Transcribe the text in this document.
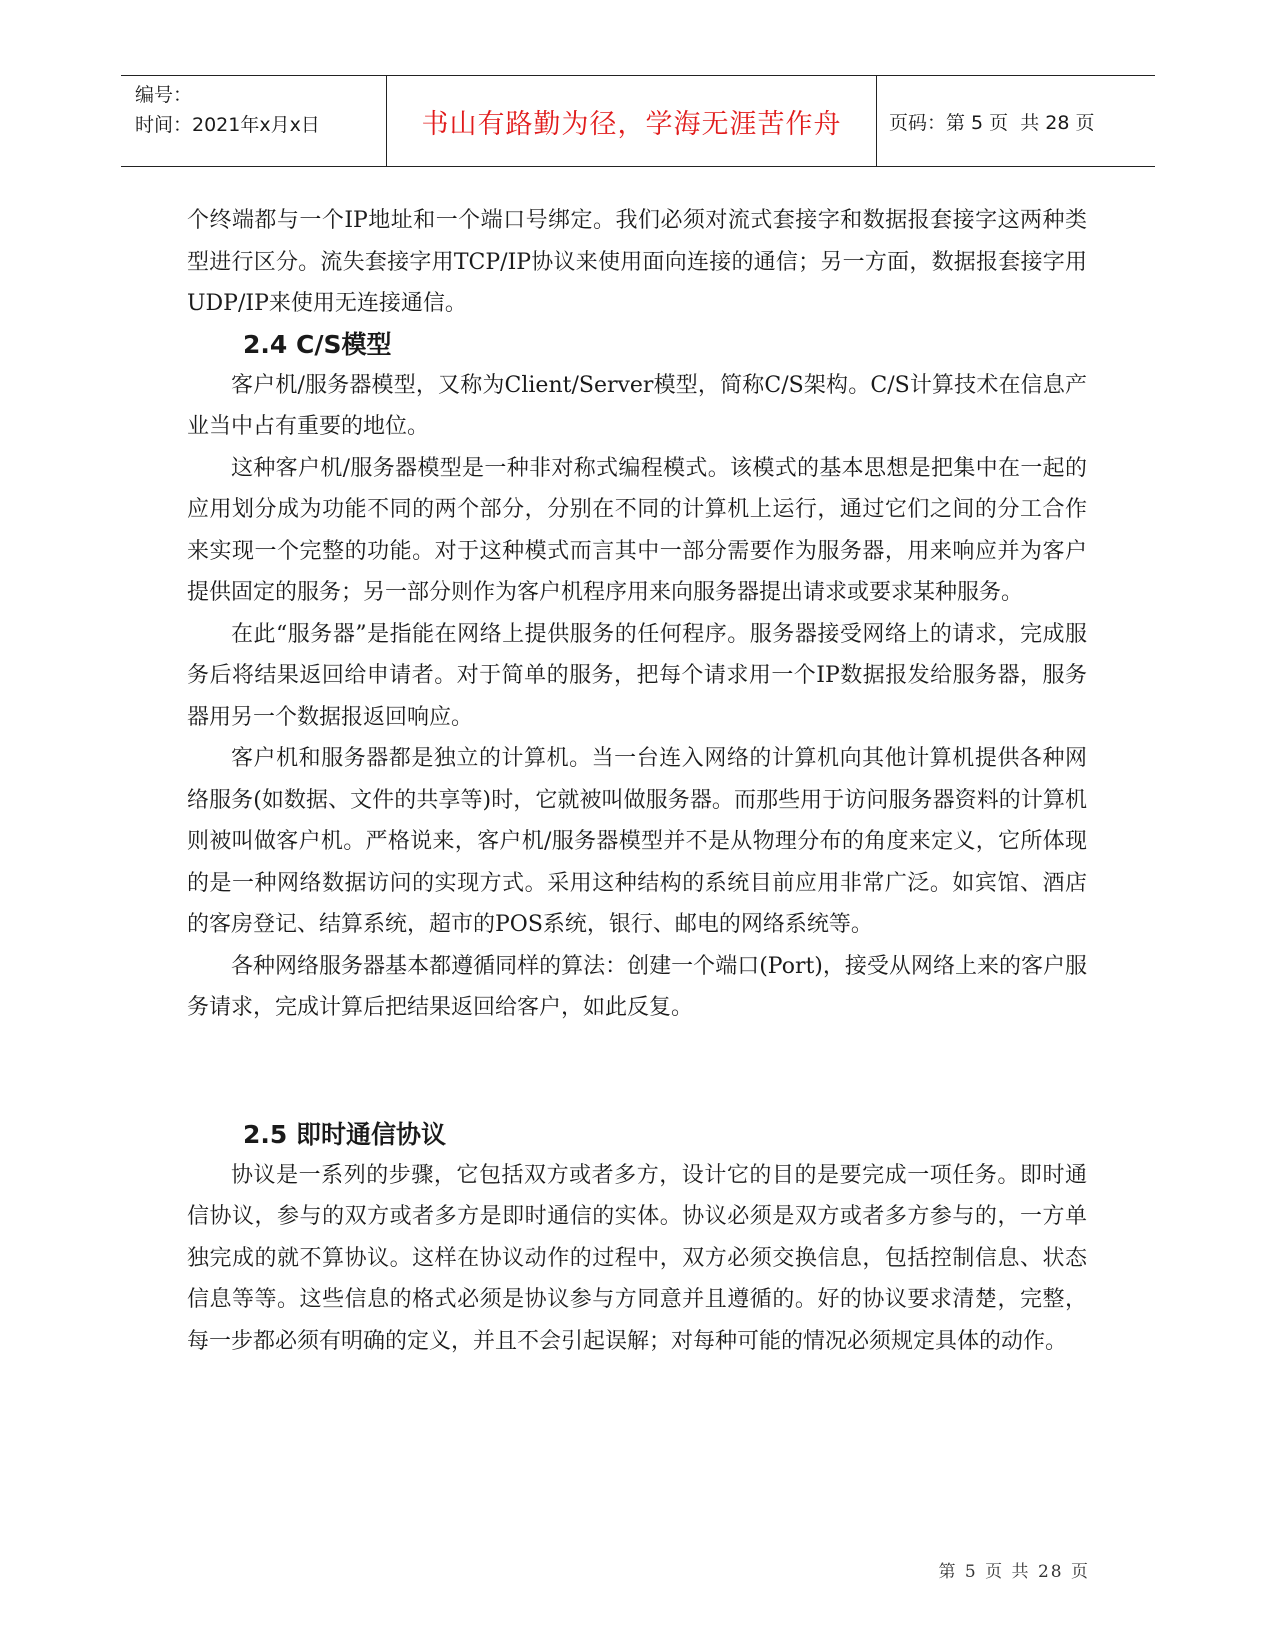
编号：
时间：2021年x月x日	书山有路勤为径，学海无涯苦作舟	页码：第 5 页  共 28 页

个终端都与一个IP地址和一个端口号绑定。我们必须对流式套接字和数据报套接字这两种类型进行区分。流失套接字用TCP/IP协议来使用面向连接的通信；另一方面，数据报套接字用UDP/IP来使用无连接通信。

2.4 C/S模型

客户机/服务器模型，又称为Client/Server模型，简称C/S架构。C/S计算技术在信息产业当中占有重要的地位。

这种客户机/服务器模型是一种非对称式编程模式。该模式的基本思想是把集中在一起的应用划分成为功能不同的两个部分，分别在不同的计算机上运行，通过它们之间的分工合作来实现一个完整的功能。对于这种模式而言其中一部分需要作为服务器，用来响应并为客户提供固定的服务；另一部分则作为客户机程序用来向服务器提出请求或要求某种服务。

在此“服务器”是指能在网络上提供服务的任何程序。服务器接受网络上的请求，完成服务后将结果返回给申请者。对于简单的服务，把每个请求用一个IP数据报发给服务器，服务器用另一个数据报返回响应。

客户机和服务器都是独立的计算机。当一台连入网络的计算机向其他计算机提供各种网络服务(如数据、文件的共享等)时，它就被叫做服务器。而那些用于访问服务器资料的计算机则被叫做客户机。严格说来，客户机/服务器模型并不是从物理分布的角度来定义，它所体现的是一种网络数据访问的实现方式。采用这种结构的系统目前应用非常广泛。如宾馆、酒店的客房登记、结算系统，超市的POS系统，银行、邮电的网络系统等。

各种网络服务器基本都遵循同样的算法：创建一个端口(Port)，接受从网络上来的客户服务请求，完成计算后把结果返回给客户，如此反复。

2.5 即时通信协议

协议是一系列的步骤，它包括双方或者多方，设计它的目的是要完成一项任务。即时通信协议，参与的双方或者多方是即时通信的实体。协议必须是双方或者多方参与的，一方单独完成的就不算协议。这样在协议动作的过程中，双方必须交换信息，包括控制信息、状态信息等等。这些信息的格式必须是协议参与方同意并且遵循的。好的协议要求清楚，完整，每一步都必须有明确的定义，并且不会引起误解；对每种可能的情况必须规定具体的动作。

第 5 页 共 28 页
